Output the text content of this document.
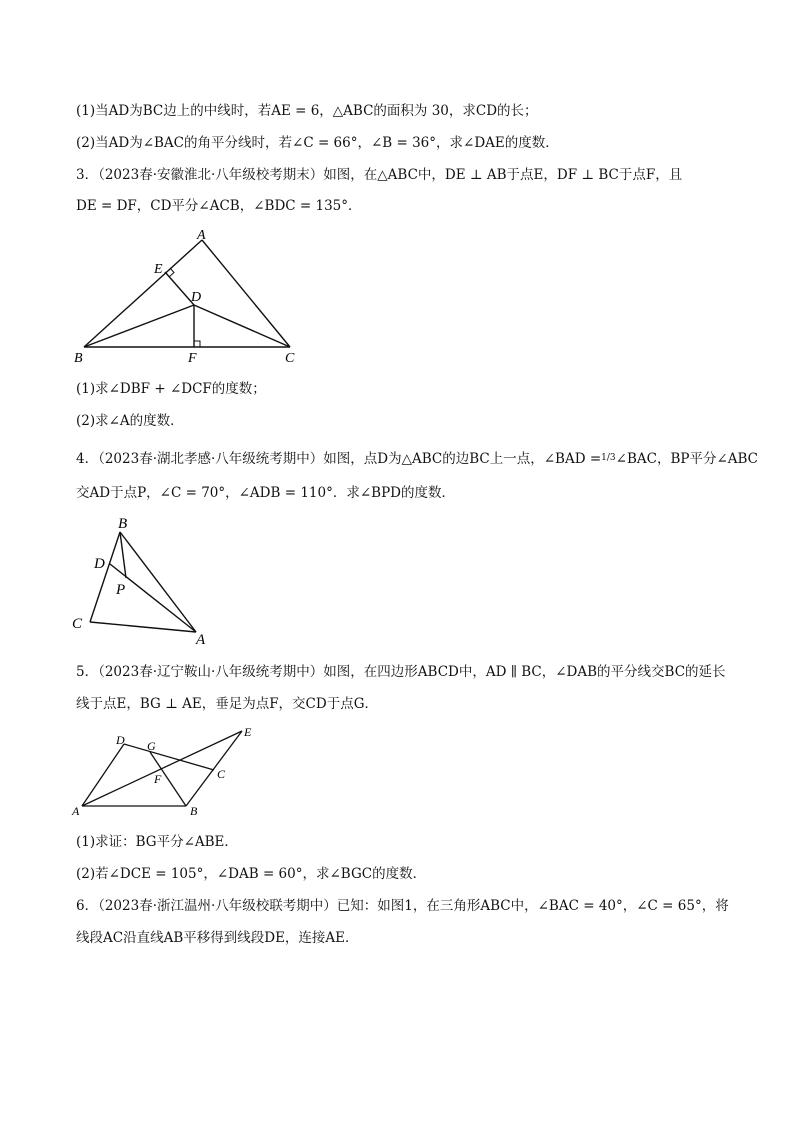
(1)当AD为BC边上的中线时，若AE = 6，△ABC的面积为 30，求CD的长；
(2)当AD为∠BAC的角平分线时，若∠C = 66°，∠B = 36°，求∠DAE的度数．
3．（2023春·安徽淮北·八年级校考期末）如图，在△ABC中，DE ⊥ AB于点E，DF ⊥ BC于点F，且
DE = DF，CD平分∠ACB，∠BDC = 135°．
A
B	C
D
E
F
(1)求∠DBF + ∠DCF的度数；
(2)求∠A的度数．
4．（2023春·湖北孝感·八年级统考期中）如图，点D为△ABC的边BC上一点，∠BAD =$^{1/3}$∠BAC，BP平分∠ABC
交AD于点P，∠C = 70°，∠ADB = 110°．求∠BPD的度数．
B
D
P
C
A
5．（2023春·辽宁鞍山·八年级统考期中）如图，在四边形ABCD中，AD ∥ BC，∠DAB的平分线交BC的延长
线于点E，BG ⊥ AE，垂足为点F，交CD于点G．
D G
E
C
F
A	B
(1)求证：BG平分∠ABE．
(2)若∠DCE = 105°，∠DAB = 60°，求∠BGC的度数．
6．（2023春·浙江温州·八年级校联考期中）已知：如图1，在三角形ABC中，∠BAC = 40°，∠C = 65°，将
线段AC沿直线AB平移得到线段DE，连接AE．
